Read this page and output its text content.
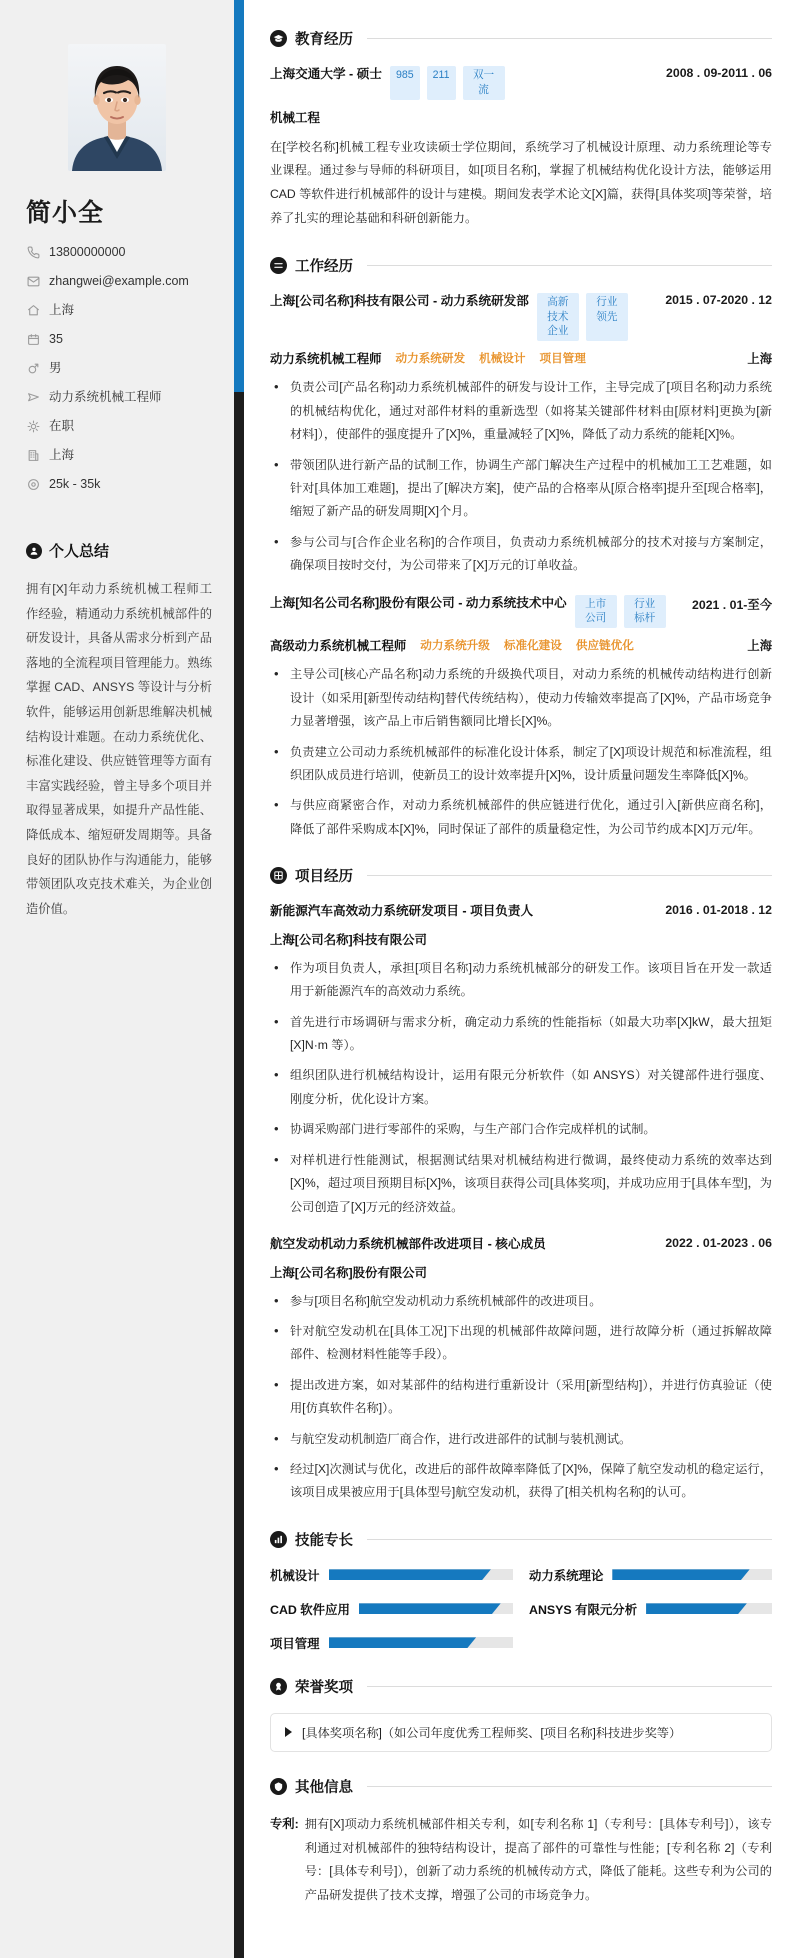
简小全
13800000000
zhangwei@example.com
上海
35
男
动力系统机械工程师
在职
上海
25k - 35k
个人总结

拥有[X]年动力系统机械工程师工作经验，精通动力系统机械部件的研发设计，具备从需求分析到产品落地的全流程项目管理能力。熟练掌握 CAD、ANSYS 等设计与分析软件，能够运用创新思维解决机械结构设计难题。在动力系统优化、标准化建设、供应链管理等方面有丰富实践经验，曾主导多个项目并取得显著成果，如提升产品性能、降低成本、缩短研发周期等。具备良好的团队协作与沟通能力，能够带领团队攻克技术难关，为企业创造价值。

教育经历
上海交通大学 - 硕士	985	211	双一流
2008 . 09-2011 . 06
机械工程

在[学校名称]机械工程专业攻读硕士学位期间，系统学习了机械设计原理、动力系统理论等专业课程。通过参与导师的科研项目，如[项目名称]，掌握了机械结构优化设计方法，能够运用 CAD 等软件进行机械部件的设计与建模。期间发表学术论文[X]篇，获得[具体奖项]等荣誉，培养了扎实的理论基础和科研创新能力。

工作经历
上海[公司名称]科技有限公司 - 动力系统研发部	高新技术企业
行业领先
2015 . 07-2020 . 12
动力系统机械工程师 动力系统研发 机械设计 项目管理	上海
• 负责公司[产品名称]动力系统机械部件的研发与设计工作，主导完成了[项目名称]动力系统的机械结构优化，通过对部件材料的重新选型（如将某关键部件材料由[原材料]更换为[新材料]），使部件的强度提升了[X]%，重量减轻了[X]%，降低了动力系统的能耗[X]%。
• 带领团队进行新产品的试制工作，协调生产部门解决生产过程中的机械加工工艺难题，如针对[具体加工难题]，提出了[解决方案]，使产品的合格率从[原合格率]提升至[现合格率]，缩短了新产品的研发周期[X]个月。
• 参与公司与[合作企业名称]的合作项目，负责动力系统机械部分的技术对接与方案制定，确保项目按时交付，为公司带来了[X]万元的订单收益。
上海[知名公司名称]股份有限公司 - 动力系统技术中心	上市公司
行业标杆
2021 . 01-至今
高级动力系统机械工程师 动力系统升级 标准化建设 供应链优化	上海
• 主导公司[核心产品名称]动力系统的升级换代项目，对动力系统的机械传动结构进行创新设计（如采用[新型传动结构]替代传统结构），使动力传输效率提高了[X]%，产品市场竞争力显著增强，该产品上市后销售额同比增长[X]%。
• 负责建立公司动力系统机械部件的标准化设计体系，制定了[X]项设计规范和标准流程，组织团队成员进行培训，使新员工的设计效率提升[X]%，设计质量问题发生率降低[X]%。
• 与供应商紧密合作，对动力系统机械部件的供应链进行优化，通过引入[新供应商名称]，降低了部件采购成本[X]%，同时保证了部件的质量稳定性，为公司节约成本[X]万元/年。
项目经历
新能源汽车高效动力系统研发项目 - 项目负责人	2016 . 01-2018 . 12
上海[公司名称]科技有限公司
• 作为项目负责人，承担[项目名称]动力系统机械部分的研发工作。该项目旨在开发一款适用于新能源汽车的高效动力系统。
• 首先进行市场调研与需求分析，确定动力系统的性能指标（如最大功率[X]kW，最大扭矩[X]N·m 等）。
• 组织团队进行机械结构设计，运用有限元分析软件（如 ANSYS）对关键部件进行强度、刚度分析，优化设计方案。
• 协调采购部门进行零部件的采购，与生产部门合作完成样机的试制。
• 对样机进行性能测试，根据测试结果对机械结构进行微调，最终使动力系统的效率达到[X]%，超过项目预期目标[X]%，该项目获得公司[具体奖项]，并成功应用于[具体车型]，为公司创造了[X]万元的经济效益。
航空发动机动力系统机械部件改进项目 - 核心成员	2022 . 01-2023 . 06
上海[公司名称]股份有限公司
• 参与[项目名称]航空发动机动力系统机械部件的改进项目。
• 针对航空发动机在[具体工况]下出现的机械部件故障问题，进行故障分析（通过拆解故障部件、检测材料性能等手段）。
• 提出改进方案，如对某部件的结构进行重新设计（采用[新型结构]），并进行仿真验证（使用[仿真软件名称]）。
• 与航空发动机制造厂商合作，进行改进部件的试制与装机测试。
• 经过[X]次测试与优化，改进后的部件故障率降低了[X]%，保障了航空发动机的稳定运行，该项目成果被应用于[具体型号]航空发动机，获得了[相关机构名称]的认可。
技能专长
机械设计	动力系统理论
CAD 软件应用	ANSYS 有限元分析
项目管理
荣誉奖项
[具体奖项名称]（如公司年度优秀工程师奖、[项目名称]科技进步奖等）
其他信息
专利: 拥有[X]项动力系统机械部件相关专利，如[专利名称 1]（专利号：[具体专利号]），该专利通过对机械部件的独特结构设计，提高了部件的可靠性与性能；[专利名称 2]（专利号：[具体专利号]），创新了动力系统的机械传动方式，降低了能耗。这些专利为公司的产品研发提供了技术支撑，增强了公司的市场竞争力。
